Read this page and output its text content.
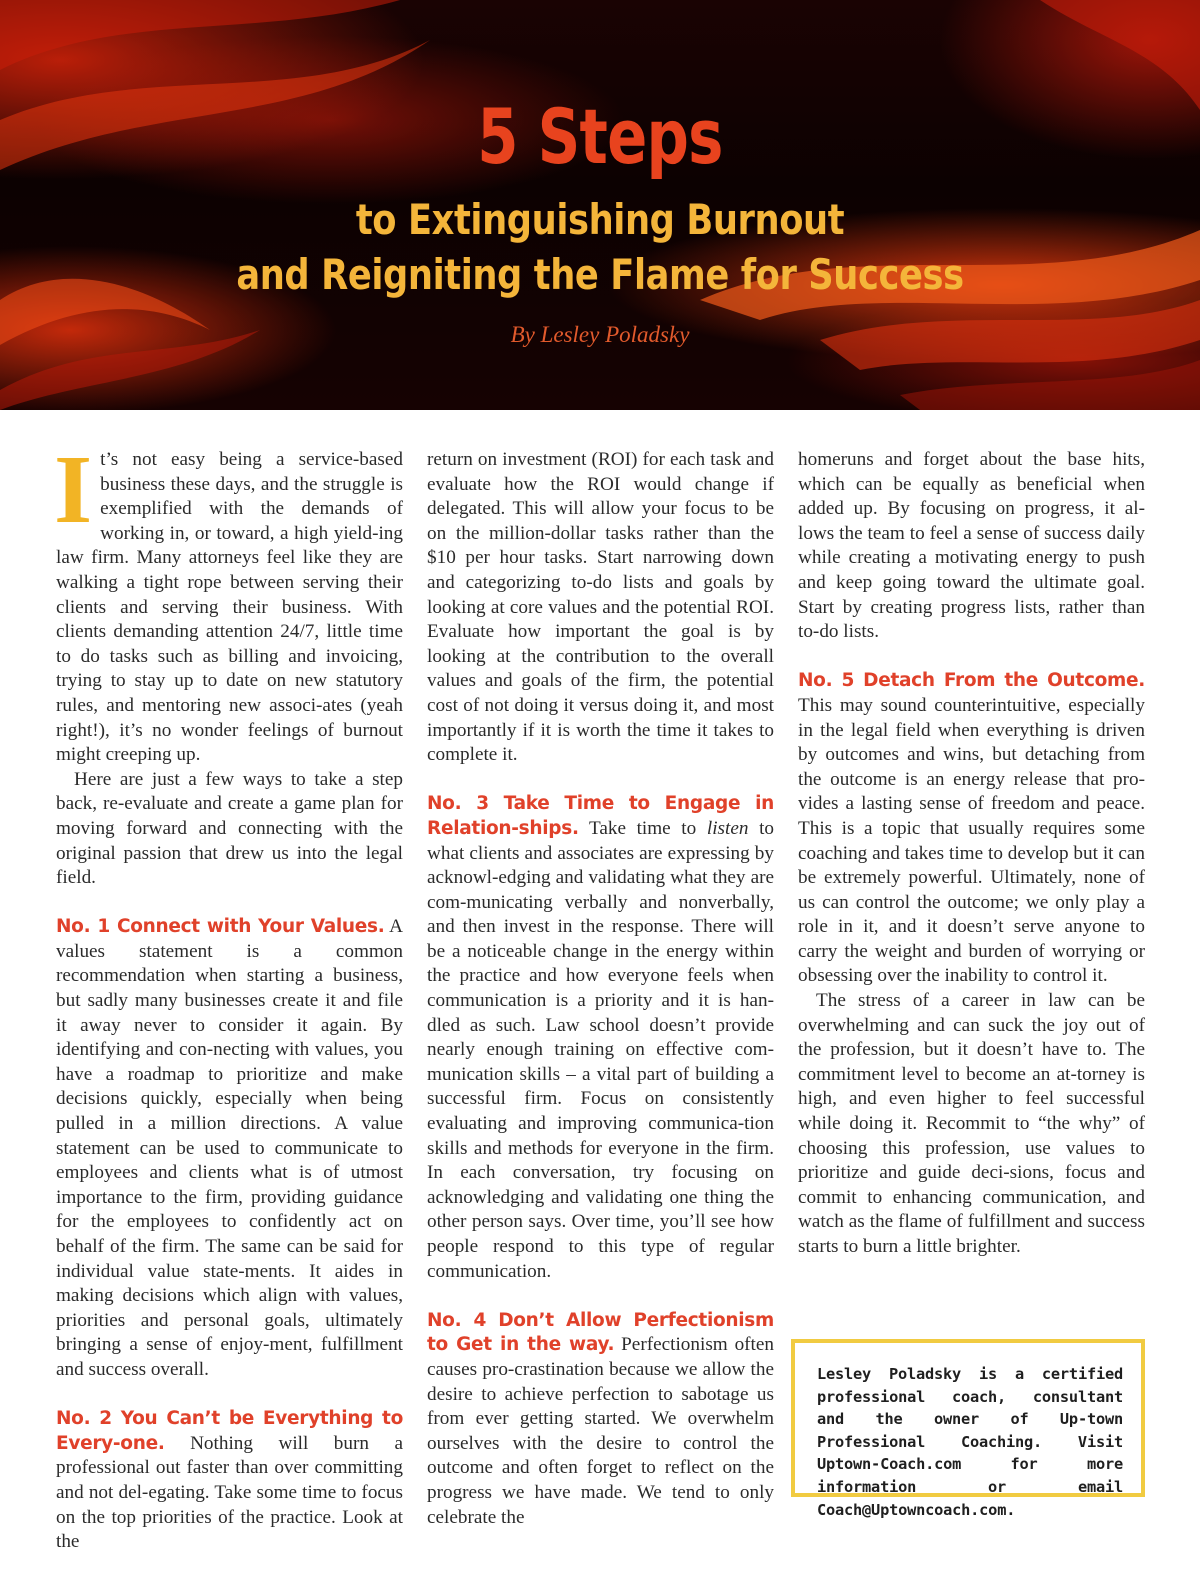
5 Steps
to Extinguishing Burnout
and Reigniting the Flame for Success
By Lesley Poladsky

It’s not easy being a service-based business these days, and the struggle is exemplified with the demands of working in, or toward, a high yield-ing law firm. Many attorneys feel like they are walking a tight rope between serving their clients and serving their business. With clients demanding attention 24/7, little time to do tasks such as billing and invoicing, trying to stay up to date on new statutory rules, and mentoring new associ-ates (yeah right!), it’s no wonder feelings of burnout might creeping up.

Here are just a few ways to take a step back, re-evaluate and create a game plan for moving forward and connecting with the original passion that drew us into the legal field.

No. 1 Connect with Your Values. A values statement is a common recommendation when starting a business, but sadly many businesses create it and file it away never to consider it again. By identifying and con-necting with values, you have a roadmap to prioritize and make decisions quickly, especially when being pulled in a million directions. A value statement can be used to communicate to employees and clients what is of utmost importance to the firm, providing guidance for the employees to confidently act on behalf of the firm. The same can be said for individual value state-ments. It aides in making decisions which align with values, priorities and personal goals, ultimately bringing a sense of enjoy-ment, fulfillment and success overall.

No. 2 You Can’t be Everything to Every-one. Nothing will burn a professional out faster than over committing and not del-egating. Take some time to focus on the top priorities of the practice. Look at the

return on investment (ROI) for each task and evaluate how the ROI would change if delegated. This will allow your focus to be on the million-dollar tasks rather than the $10 per hour tasks. Start narrowing down and categorizing to-do lists and goals by looking at core values and the potential ROI. Evaluate how important the goal is by looking at the contribution to the overall values and goals of the firm, the potential cost of not doing it versus doing it, and most importantly if it is worth the time it takes to complete it.

No. 3 Take Time to Engage in Relation-ships. Take time to listen to what clients and associates are expressing by acknowl-edging and validating what they are com-municating verbally and nonverbally, and then invest in the response. There will be a noticeable change in the energy within the practice and how everyone feels when communication is a priority and it is han-dled as such. Law school doesn’t provide nearly enough training on effective com-munication skills – a vital part of building a successful firm. Focus on consistently evaluating and improving communica-tion skills and methods for everyone in the firm. In each conversation, try focusing on acknowledging and validating one thing the other person says. Over time, you’ll see how people respond to this type of regular communication.

No. 4 Don’t Allow Perfectionism to Get in the way. Perfectionism often causes pro-crastination because we allow the desire to achieve perfection to sabotage us from ever getting started. We overwhelm ourselves with the desire to control the outcome and often forget to reflect on the progress we have made. We tend to only celebrate the

homeruns and forget about the base hits, which can be equally as beneficial when added up. By focusing on progress, it al-lows the team to feel a sense of success daily while creating a motivating energy to push and keep going toward the ultimate goal. Start by creating progress lists, rather than to-do lists.

No. 5 Detach From the Outcome. This may sound counterintuitive, especially in the legal field when everything is driven by outcomes and wins, but detaching from the outcome is an energy release that pro-vides a lasting sense of freedom and peace. This is a topic that usually requires some coaching and takes time to develop but it can be extremely powerful. Ultimately, none of us can control the outcome; we only play a role in it, and it doesn’t serve anyone to carry the weight and burden of worrying or obsessing over the inability to control it.

The stress of a career in law can be overwhelming and can suck the joy out of the profession, but it doesn’t have to. The commitment level to become an at-torney is high, and even higher to feel successful while doing it. Recommit to “the why” of choosing this profession, use values to prioritize and guide deci-sions, focus and commit to enhancing communication, and watch as the flame of fulfillment and success starts to burn a little brighter.

Lesley Poladsky is a certified professional coach, consultant and the owner of Up-town Professional Coaching. Visit Uptown-Coach.com for more information or email Coach@Uptowncoach.com.
